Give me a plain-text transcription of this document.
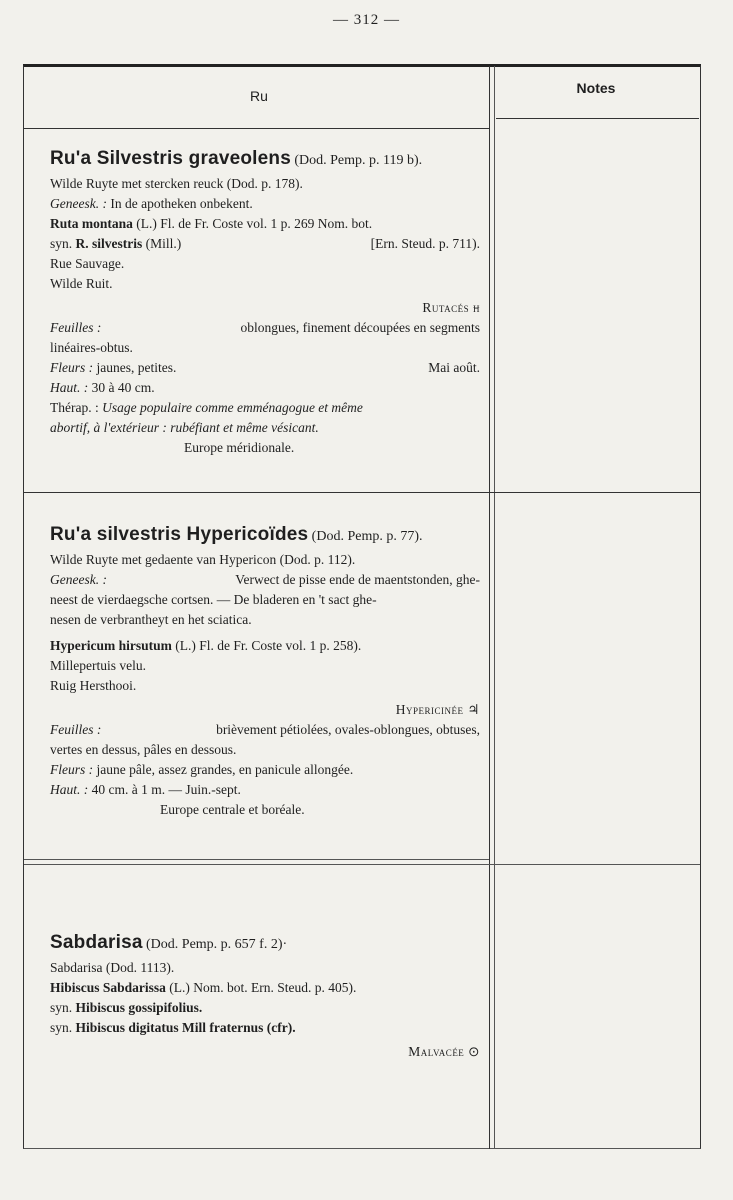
— 312 —
Ru	Notes
Ru'a Silvestris graveolens (Dod. Pemp. p. 119 b).
Wilde Ruyte met stercken reuck (Dod. p. 178).
Geneesk. : In de apotheken onbekent.
Ruta montana (L.) Fl. de Fr. Coste vol. 1 p. 269 Nom. bot.
syn. R. silvestris (Mill.)	[Ern. Steud. p. 711).
Rue Sauvage.
Wilde Ruit.
Rutacés ħ
Feuilles :	oblongues, finement découpées en segments
linéaires-obtus.
Fleurs : jaunes, petites.	Mai août.
Haut. : 30 à 40 cm.
Thérap. : Usage populaire comme emménagogue et même
abortif, à l'extérieur : rubéfiant et même vésicant.
Europe méridionale.
Ru'a silvestris Hypericoïdes (Dod. Pemp. p. 77).
Wilde Ruyte met gedaente van Hypericon (Dod. p. 112).
Geneesk. :	Verwect de pisse ende de maentstonden, ghe-
neest de vierdaegsche cortsen. — De bladeren en 't sact ghe-
nesen de verbrantheyt en het sciatica.
Hypericum hirsutum (L.) Fl. de Fr. Coste vol. 1 p. 258).
Millepertuis velu.
Ruig Hersthooi.
Hypericinée ♃
Feuilles :	brièvement pétiolées, ovales-oblongues, obtuses,
vertes en dessus, pâles en dessous.
Fleurs : jaune pâle, assez grandes, en panicule allongée.
Haut. : 40 cm. à 1 m. — Juin.-sept.
Europe centrale et boréale.
Sabdarisa (Dod. Pemp. p. 657 f. 2)·
Sabdarisa (Dod. 1113).
Hibiscus Sabdarissa (L.) Nom. bot. Ern. Steud. p. 405).
syn. Hibiscus gossipifolius.
syn. Hibiscus digitatus Mill fraternus (cfr).
Malvacée ⊙
